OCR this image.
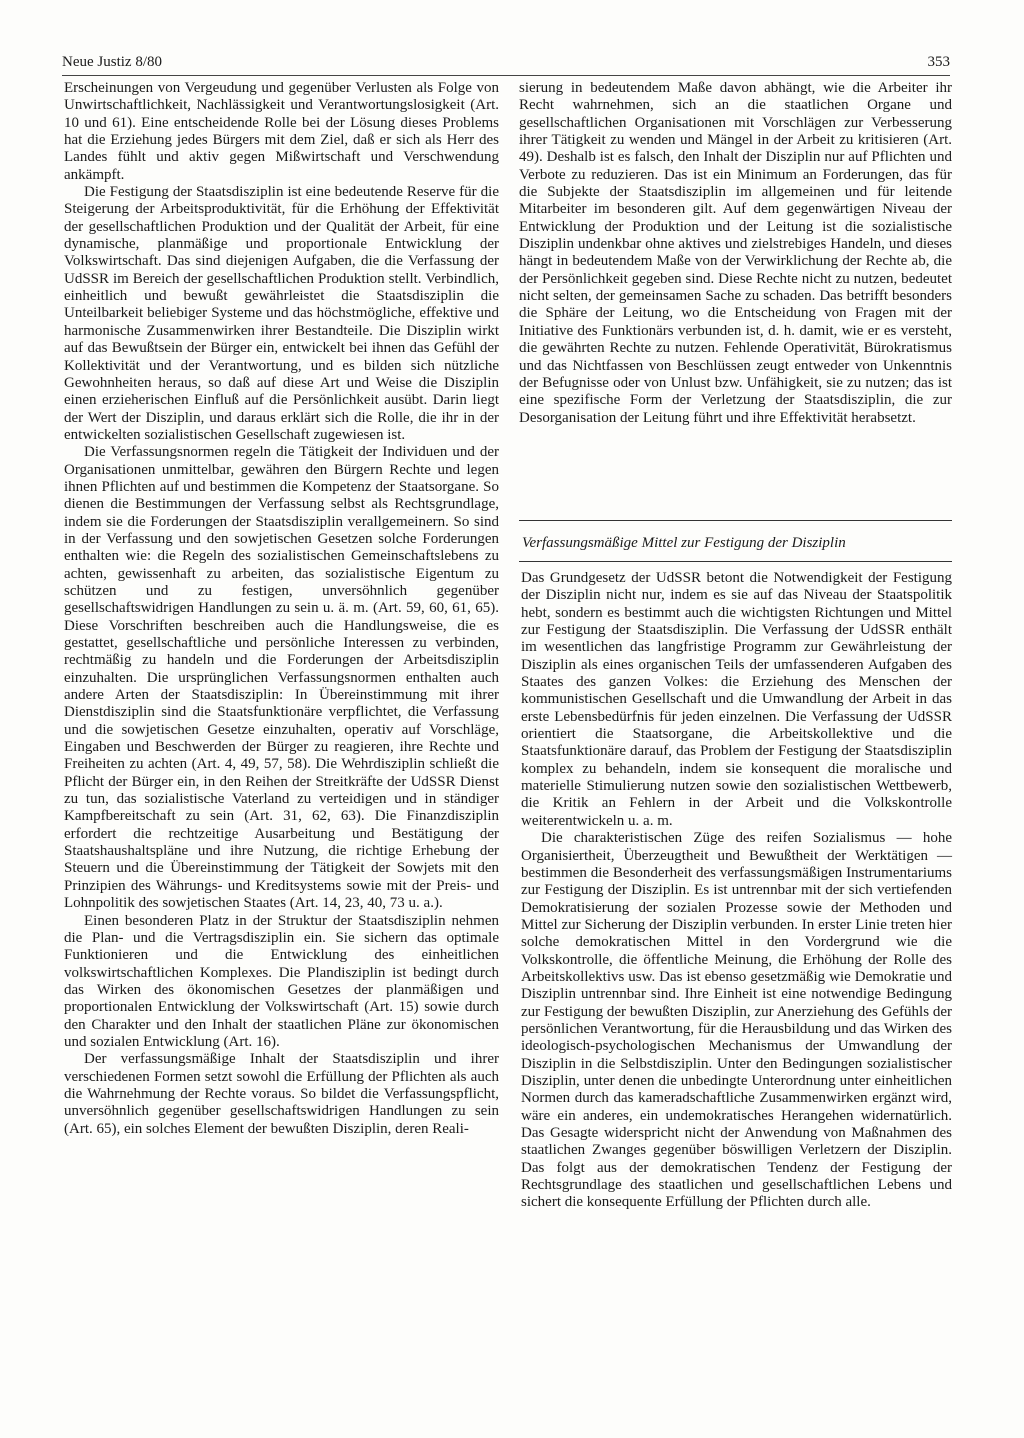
Neue Justiz 8/80	353

Erscheinungen von Vergeudung und gegenüber Verlusten als Folge von Unwirtschaftlichkeit, Nachlässigkeit und Verantwortungslosigkeit (Art. 10 und 61). Eine entscheidende Rolle bei der Lösung dieses Problems hat die Erziehung jedes Bürgers mit dem Ziel, daß er sich als Herr des Landes fühlt und aktiv gegen Mißwirtschaft und Verschwendung ankämpft.

Die Festigung der Staatsdisziplin ist eine bedeutende Reserve für die Steigerung der Arbeitsproduktivität, für die Erhöhung der Effektivität der gesellschaftlichen Produktion und der Qualität der Arbeit, für eine dynamische, planmäßige und proportionale Entwicklung der Volkswirtschaft. Das sind diejenigen Aufgaben, die die Verfassung der UdSSR im Bereich der gesellschaftlichen Produktion stellt. Verbindlich, einheitlich und bewußt gewährleistet die Staatsdisziplin die Unteilbarkeit beliebiger Systeme und das höchstmögliche, effektive und harmonische Zusammenwirken ihrer Bestandteile. Die Disziplin wirkt auf das Bewußtsein der Bürger ein, entwickelt bei ihnen das Gefühl der Kollektivität und der Verantwortung, und es bilden sich nützliche Gewohnheiten heraus, so daß auf diese Art und Weise die Disziplin einen erzieherischen Einfluß auf die Persönlichkeit ausübt. Darin liegt der Wert der Disziplin, und daraus erklärt sich die Rolle, die ihr in der entwickelten sozialistischen Gesellschaft zugewiesen ist.

Die Verfassungsnormen regeln die Tätigkeit der Individuen und der Organisationen unmittelbar, gewähren den Bürgern Rechte und legen ihnen Pflichten auf und bestimmen die Kompetenz der Staatsorgane. So dienen die Bestimmungen der Verfassung selbst als Rechtsgrundlage, indem sie die Forderungen der Staatsdisziplin verallgemeinern. So sind in der Verfassung und den sowjetischen Gesetzen solche Forderungen enthalten wie: die Regeln des sozialistischen Gemeinschaftslebens zu achten, gewissenhaft zu arbeiten, das sozialistische Eigentum zu schützen und zu festigen, unversöhnlich gegenüber gesellschaftswidrigen Handlungen zu sein u. ä. m. (Art. 59, 60, 61, 65). Diese Vorschriften beschreiben auch die Handlungsweise, die es gestattet, gesellschaftliche und persönliche Interessen zu verbinden, rechtmäßig zu handeln und die Forderungen der Arbeitsdisziplin einzuhalten. Die ursprünglichen Verfassungsnormen enthalten auch andere Arten der Staatsdisziplin: In Übereinstimmung mit ihrer Dienstdisziplin sind die Staatsfunktionäre verpflichtet, die Verfassung und die sowjetischen Gesetze einzuhalten, operativ auf Vorschläge, Eingaben und Beschwerden der Bürger zu reagieren, ihre Rechte und Freiheiten zu achten (Art. 4, 49, 57, 58). Die Wehrdisziplin schließt die Pflicht der Bürger ein, in den Reihen der Streitkräfte der UdSSR Dienst zu tun, das sozialistische Vaterland zu verteidigen und in ständiger Kampfbereitschaft zu sein (Art. 31, 62, 63). Die Finanzdisziplin erfordert die rechtzeitige Ausarbeitung und Bestätigung der Staatshaushaltspläne und ihre Nutzung, die richtige Erhebung der Steuern und die Übereinstimmung der Tätigkeit der Sowjets mit den Prinzipien des Währungs- und Kreditsystems sowie mit der Preis- und Lohnpolitik des sowjetischen Staates (Art. 14, 23, 40, 73 u. a.).

Einen besonderen Platz in der Struktur der Staatsdisziplin nehmen die Plan- und die Vertragsdisziplin ein. Sie sichern das optimale Funktionieren und die Entwicklung des einheitlichen volkswirtschaftlichen Komplexes. Die Plandisziplin ist bedingt durch das Wirken des ökonomischen Gesetzes der planmäßigen und proportionalen Entwicklung der Volkswirtschaft (Art. 15) sowie durch den Charakter und den Inhalt der staatlichen Pläne zur ökonomischen und sozialen Entwicklung (Art. 16).

Der verfassungsmäßige Inhalt der Staatsdisziplin und ihrer verschiedenen Formen setzt sowohl die Erfüllung der Pflichten als auch die Wahrnehmung der Rechte voraus. So bildet die Verfassungspflicht, unversöhnlich gegenüber gesellschaftswidrigen Handlungen zu sein (Art. 65), ein solches Element der bewußten Disziplin, deren Reali-

sierung in bedeutendem Maße davon abhängt, wie die Arbeiter ihr Recht wahrnehmen, sich an die staatlichen Organe und gesellschaftlichen Organisationen mit Vorschlägen zur Verbesserung ihrer Tätigkeit zu wenden und Mängel in der Arbeit zu kritisieren (Art. 49). Deshalb ist es falsch, den Inhalt der Disziplin nur auf Pflichten und Verbote zu reduzieren. Das ist ein Minimum an Forderungen, das für die Subjekte der Staatsdisziplin im allgemeinen und für leitende Mitarbeiter im besonderen gilt. Auf dem gegenwärtigen Niveau der Entwicklung der Produktion und der Leitung ist die sozialistische Disziplin undenkbar ohne aktives und zielstrebiges Handeln, und dieses hängt in bedeutendem Maße von der Verwirklichung der Rechte ab, die der Persönlichkeit gegeben sind. Diese Rechte nicht zu nutzen, bedeutet nicht selten, der gemeinsamen Sache zu schaden. Das betrifft besonders die Sphäre der Leitung, wo die Entscheidung von Fragen mit der Initiative des Funktionärs verbunden ist, d. h. damit, wie er es versteht, die gewährten Rechte zu nutzen. Fehlende Operativität, Bürokratismus und das Nichtfassen von Beschlüssen zeugt entweder von Unkenntnis der Befugnisse oder von Unlust bzw. Unfähigkeit, sie zu nutzen; das ist eine spezifische Form der Verletzung der Staatsdisziplin, die zur Desorganisation der Leitung führt und ihre Effektivität herabsetzt.

Verfassungsmäßige Mittel zur Festigung der Disziplin

Das Grundgesetz der UdSSR betont die Notwendigkeit der Festigung der Disziplin nicht nur, indem es sie auf das Niveau der Staatspolitik hebt, sondern es bestimmt auch die wichtigsten Richtungen und Mittel zur Festigung der Staatsdisziplin. Die Verfassung der UdSSR enthält im wesentlichen das langfristige Programm zur Gewährleistung der Disziplin als eines organischen Teils der umfassenderen Aufgaben des Staates des ganzen Volkes: die Erziehung des Menschen der kommunistischen Gesellschaft und die Umwandlung der Arbeit in das erste Lebensbedürfnis für jeden einzelnen. Die Verfassung der UdSSR orientiert die Staatsorgane, die Arbeitskollektive und die Staatsfunktionäre darauf, das Problem der Festigung der Staatsdisziplin komplex zu behandeln, indem sie konsequent die moralische und materielle Stimulierung nutzen sowie den sozialistischen Wettbewerb, die Kritik an Fehlern in der Arbeit und die Volkskontrolle weiterentwickeln u. a. m.

Die charakteristischen Züge des reifen Sozialismus — hohe Organisiertheit, Überzeugtheit und Bewußtheit der Werktätigen — bestimmen die Besonderheit des verfassungsmäßigen Instrumentariums zur Festigung der Disziplin. Es ist untrennbar mit der sich vertiefenden Demokratisierung der sozialen Prozesse sowie der Methoden und Mittel zur Sicherung der Disziplin verbunden. In erster Linie treten hier solche demokratischen Mittel in den Vordergrund wie die Volkskontrolle, die öffentliche Meinung, die Erhöhung der Rolle des Arbeitskollektivs usw. Das ist ebenso gesetzmäßig wie Demokratie und Disziplin untrennbar sind. Ihre Einheit ist eine notwendige Bedingung zur Festigung der bewußten Disziplin, zur Anerziehung des Gefühls der persönlichen Verantwortung, für die Herausbildung und das Wirken des ideologisch-psychologischen Mechanismus der Umwandlung der Disziplin in die Selbstdisziplin. Unter den Bedingungen sozialistischer Disziplin, unter denen die unbedingte Unterordnung unter einheitlichen Normen durch das kameradschaftliche Zusammenwirken ergänzt wird, wäre ein anderes, ein undemokratisches Herangehen widernatürlich. Das Gesagte widerspricht nicht der Anwendung von Maßnahmen des staatlichen Zwanges gegenüber böswilligen Verletzern der Disziplin. Das folgt aus der demokratischen Tendenz der Festigung der Rechtsgrundlage des staatlichen und gesellschaftlichen Lebens und sichert die konsequente Erfüllung der Pflichten durch alle.
